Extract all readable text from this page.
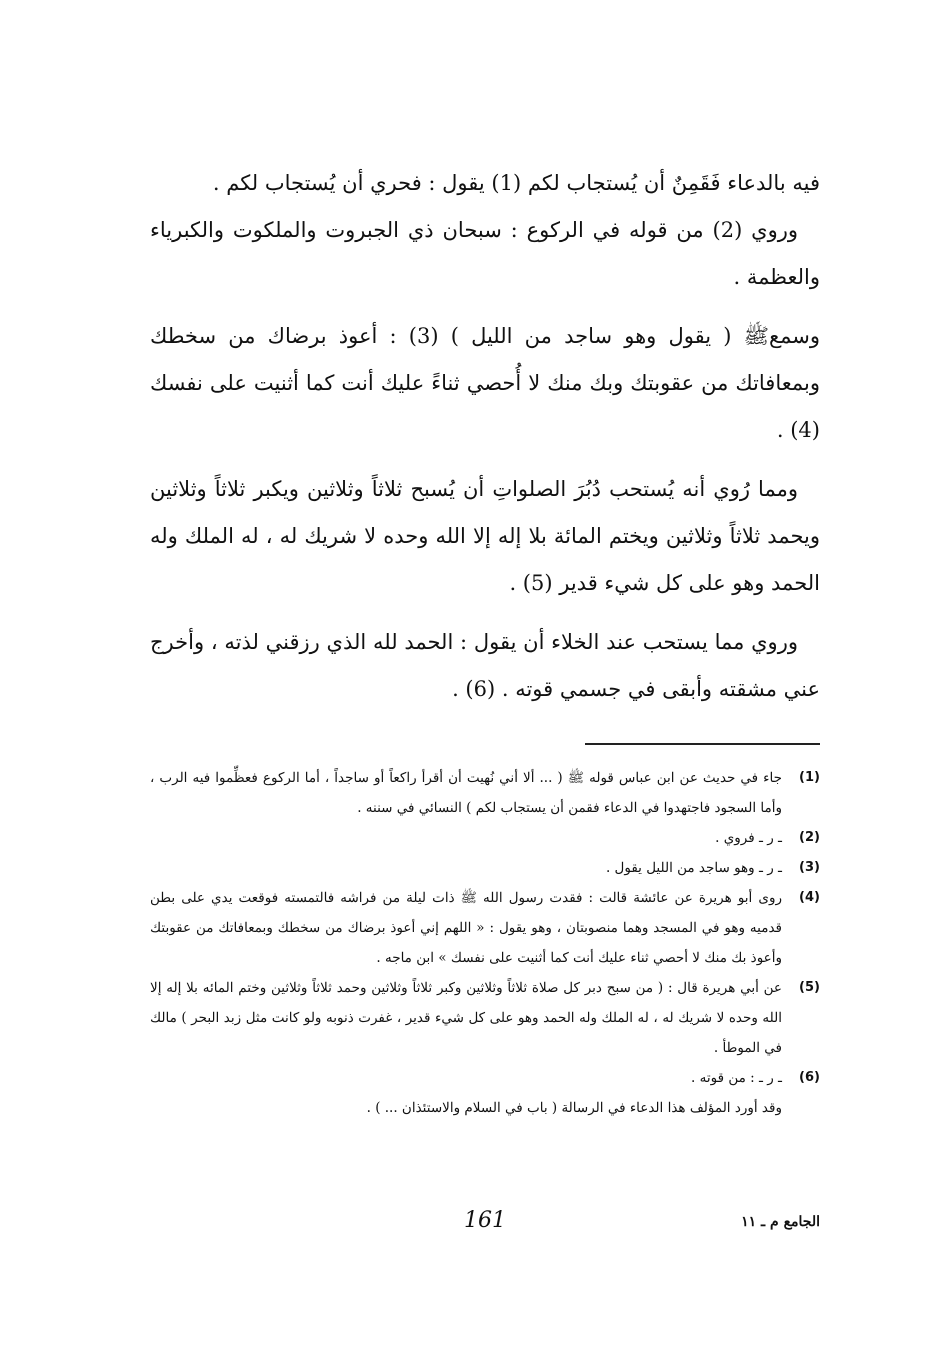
فيه بالدعاء فَقَمِنٌ أن يُستجاب لكم (1) يقول : فحري أن يُستجاب لكم .

وروي (2) من قوله في الركوع : سبحان ذي الجبروت والملكوت والكبرياء والعظمة .

وسمعﷺ ( يقول وهو ساجد من الليل ) (3) : أعوذ برضاك من سخطك وبمعافاتك من عقوبتك وبك منك لا أُحصي ثناءً عليك أنت كما أثنيت على نفسك (4) .

ومما رُوي أنه يُستحب دُبُرَ الصلواتِ أن يُسبح ثلاثاً وثلاثين ويكبر ثلاثاً وثلاثين ويحمد ثلاثاً وثلاثين ويختم المائة بلا إله إلا الله وحده لا شريك له ، له الملك وله الحمد وهو على كل شيء قدير (5) .

وروي مما يستحب عند الخلاء أن يقول : الحمد لله الذي رزقني لذته ، وأخرج عني مشقته وأبقى في جسمي قوته . (6) .

(1)
جاء في حديث عن ابن عباس قوله ﷺ ( ... ألا أني نُهيت أن أقرأ راكعاً أو ساجداً ، أما الركوع فعظِّموا فيه الرب ، وأما السجود فاجتهدوا في الدعاء فقمن أن يستجاب لكم ) النسائي في سننه .
(2)
ـ ر ـ فروي .
(3)
ـ ر ـ وهو ساجد من الليل يقول .
(4)
روى أبو هريرة عن عائشة قالت : فقدت رسول الله ﷺ ذات ليلة من فراشه فالتمسته فوقعت يدي على بطن قدميه وهو في المسجد وهما منصوبتان ، وهو يقول : « اللهم إني أعوذ برضاك من سخطك وبمعافاتك من عقوبتك وأعوذ بك منك لا أحصي ثناء عليك أنت كما أثنيت على نفسك » ابن ماجه .
(5)
عن أبي هريرة قال : ( من سبح دبر كل صلاة ثلاثاً وثلاثين وكبر ثلاثاً وثلاثين وحمد ثلاثاً وثلاثين وختم المائه بلا إله إلا الله وحده لا شريك له ، له الملك وله الحمد وهو على كل شيء قدير ، غفرت ذنوبه ولو كانت مثل زبد البحر ) مالك في الموطأ .
(6)
ـ ر ـ : من قوته .
وقد أورد المؤلف هذا الدعاء في الرسالة ( باب في السلام والاستئذان ... ) .
161	الجامع م ـ ١١
